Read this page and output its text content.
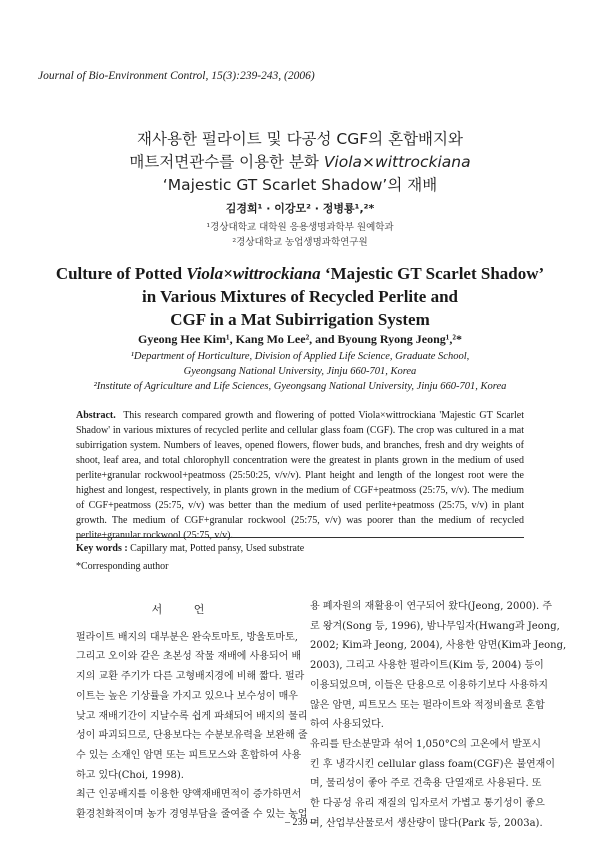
Journal of Bio-Environment Control, 15(3):239-243, (2006)
재사용한 펄라이트 및 다공성 CGF의 혼합배지와
매트저면관수를 이용한 분화 Viola×wittrockiana
‘Majestic GT Scarlet Shadow’의 재배
김경희¹ · 이강모² · 정병룡¹,²*
¹경상대학교 대학원 응용생명과학부 원예학과
²경상대학교 농업생명과학연구원
Culture of Potted Viola×wittrockiana ‘Majestic GT Scarlet Shadow’
in Various Mixtures of Recycled Perlite and
CGF in a Mat Subirrigation System
Gyeong Hee Kim¹, Kang Mo Lee², and Byoung Ryong Jeong¹,²*
¹Department of Horticulture, Division of Applied Life Science, Graduate School,
Gyeongsang National University, Jinju 660-701, Korea
²Institute of Agriculture and Life Sciences, Gyeongsang National University, Jinju 660-701, Korea
Abstract. This research compared growth and flowering of potted Viola×wittrockiana 'Majestic GT Scarlet Shadow' in various mixtures of recycled perlite and cellular glass foam (CGF). The crop was cultured in a mat subirrigation system. Numbers of leaves, opened flowers, flower buds, and branches, fresh and dry weights of shoot, leaf area, and total chlorophyll concentration were the greatest in plants grown in the medium of used perlite+granular rockwool+peatmoss (25:50:25, v/v/v). Plant height and length of the longest root were the highest and longest, respectively, in plants grown in the medium of CGF+peatmoss (25:75, v/v). The medium of CGF+peatmoss (25:75, v/v) was better than the medium of used perlite+peatmoss (25:75, v/v) in plant growth. The medium of CGF+granular rockwool (25:75, v/v) was poorer than the medium of recycled perlite+granular rockwool (25:75, v/v).
Key words : Capillary mat, Potted pansy, Used substrate
*Corresponding author
서 언
펄라이트 배지의 대부분은 완숙토마토, 방울토마토,
그리고 오이와 같은 초본성 작물 재배에 사용되어 배
지의 교환 주기가 다른 고형배지경에 비해 짧다. 펄라
이트는 높은 기상률을 가지고 있으나 보수성이 매우
낮고 재배기간이 지날수록 쉽게 파쇄되어 배지의 물리
성이 파괴되므로, 단용보다는 수분보유력을 보완해 줄
수 있는 소재인 암면 또는 피트모스와 혼합하여 사용
하고 있다(Choi, 1998).
최근 인공배지를 이용한 양액재배면적이 증가하면서
환경친화적이며 농가 경영부담을 줄여줄 수 있는 농업
용 폐자원의 재활용이 연구되어 왔다(Jeong, 2000). 주
로 왕겨(Song 등, 1996), 밤나무입자(Hwang과 Jeong,
2002; Kim과 Jeong, 2004), 사용한 암면(Kim과 Jeong,
2003), 그리고 사용한 펄라이트(Kim 등, 2004) 등이
이용되었으며, 이들은 단용으로 이용하기보다 사용하지
않은 암면, 피트모스 또는 펄라이트와 적정비율로 혼합
하여 사용되었다.
유리를 탄소분말과 섞어 1,050°C의 고온에서 발포시
킨 후 냉각시킨 cellular glass foam(CGF)은 불연재이
며, 물리성이 좋아 주로 건축용 단열재로 사용된다. 또
한 다공성 유리 재질의 입자로서 가볍고 통기성이 좋으
며, 산업부산물로서 생산량이 많다(Park 등, 2003a).
– 239 –
